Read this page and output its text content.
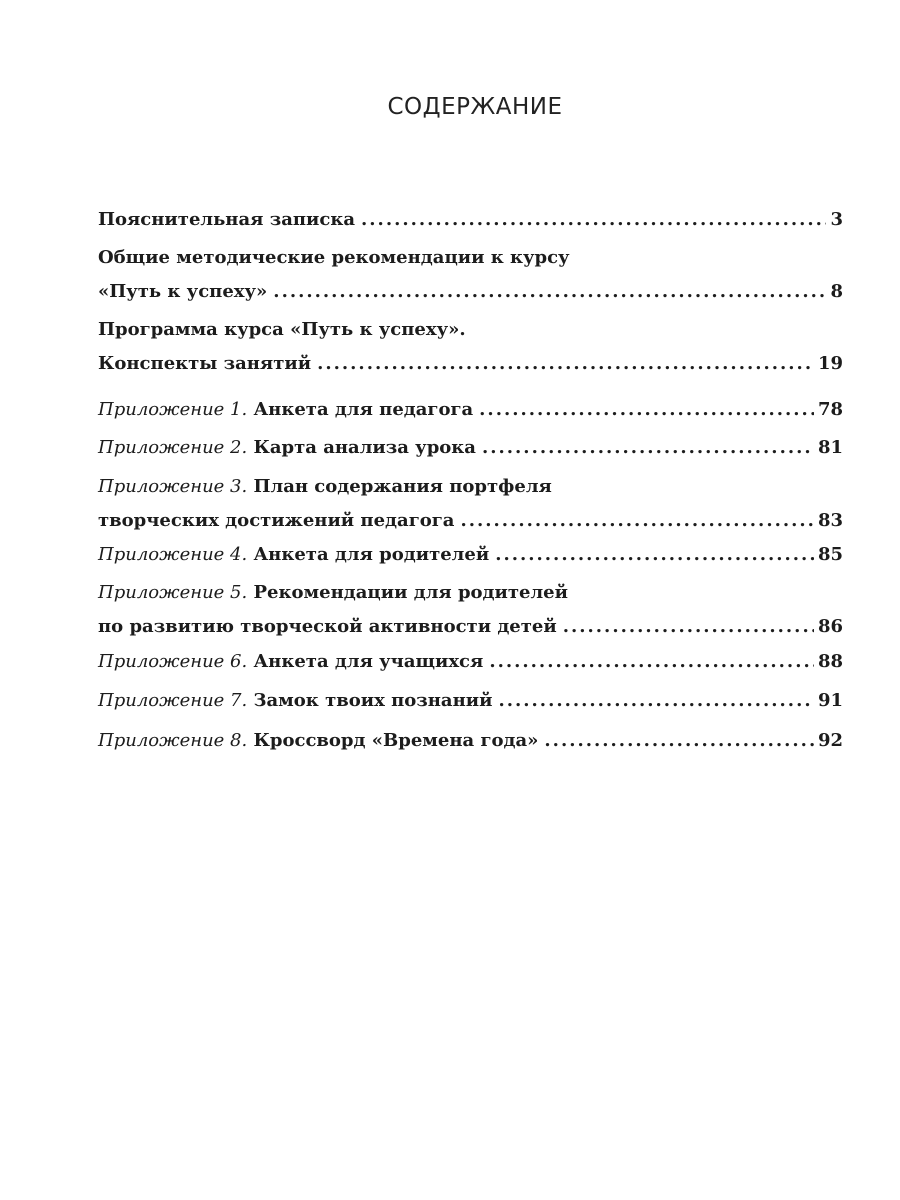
СОДЕРЖАНИЕ
Пояснительная записка .....	3
Общие методические рекомендации к курсу
«Путь к успеху» .....	8
Программа курса «Путь к успеху».
Конспекты занятий .....	19
Приложение 1.
Анкета для педагога .....	78
Приложение 2.
Карта анализа урока .....	81
Приложение 3.
План содержания портфеля
творческих достижений педагога .....	83
Приложение 4.
Анкета для родителей .....	85
Приложение 5.
Рекомендации для родителей
по развитию творческой активности детей .....	86
Приложение 6.
Анкета для учащихся .....	88
Приложение 7.
Замок твоих познаний .....	91
Приложение 8.
Кроссворд «Времена года» .....	92
